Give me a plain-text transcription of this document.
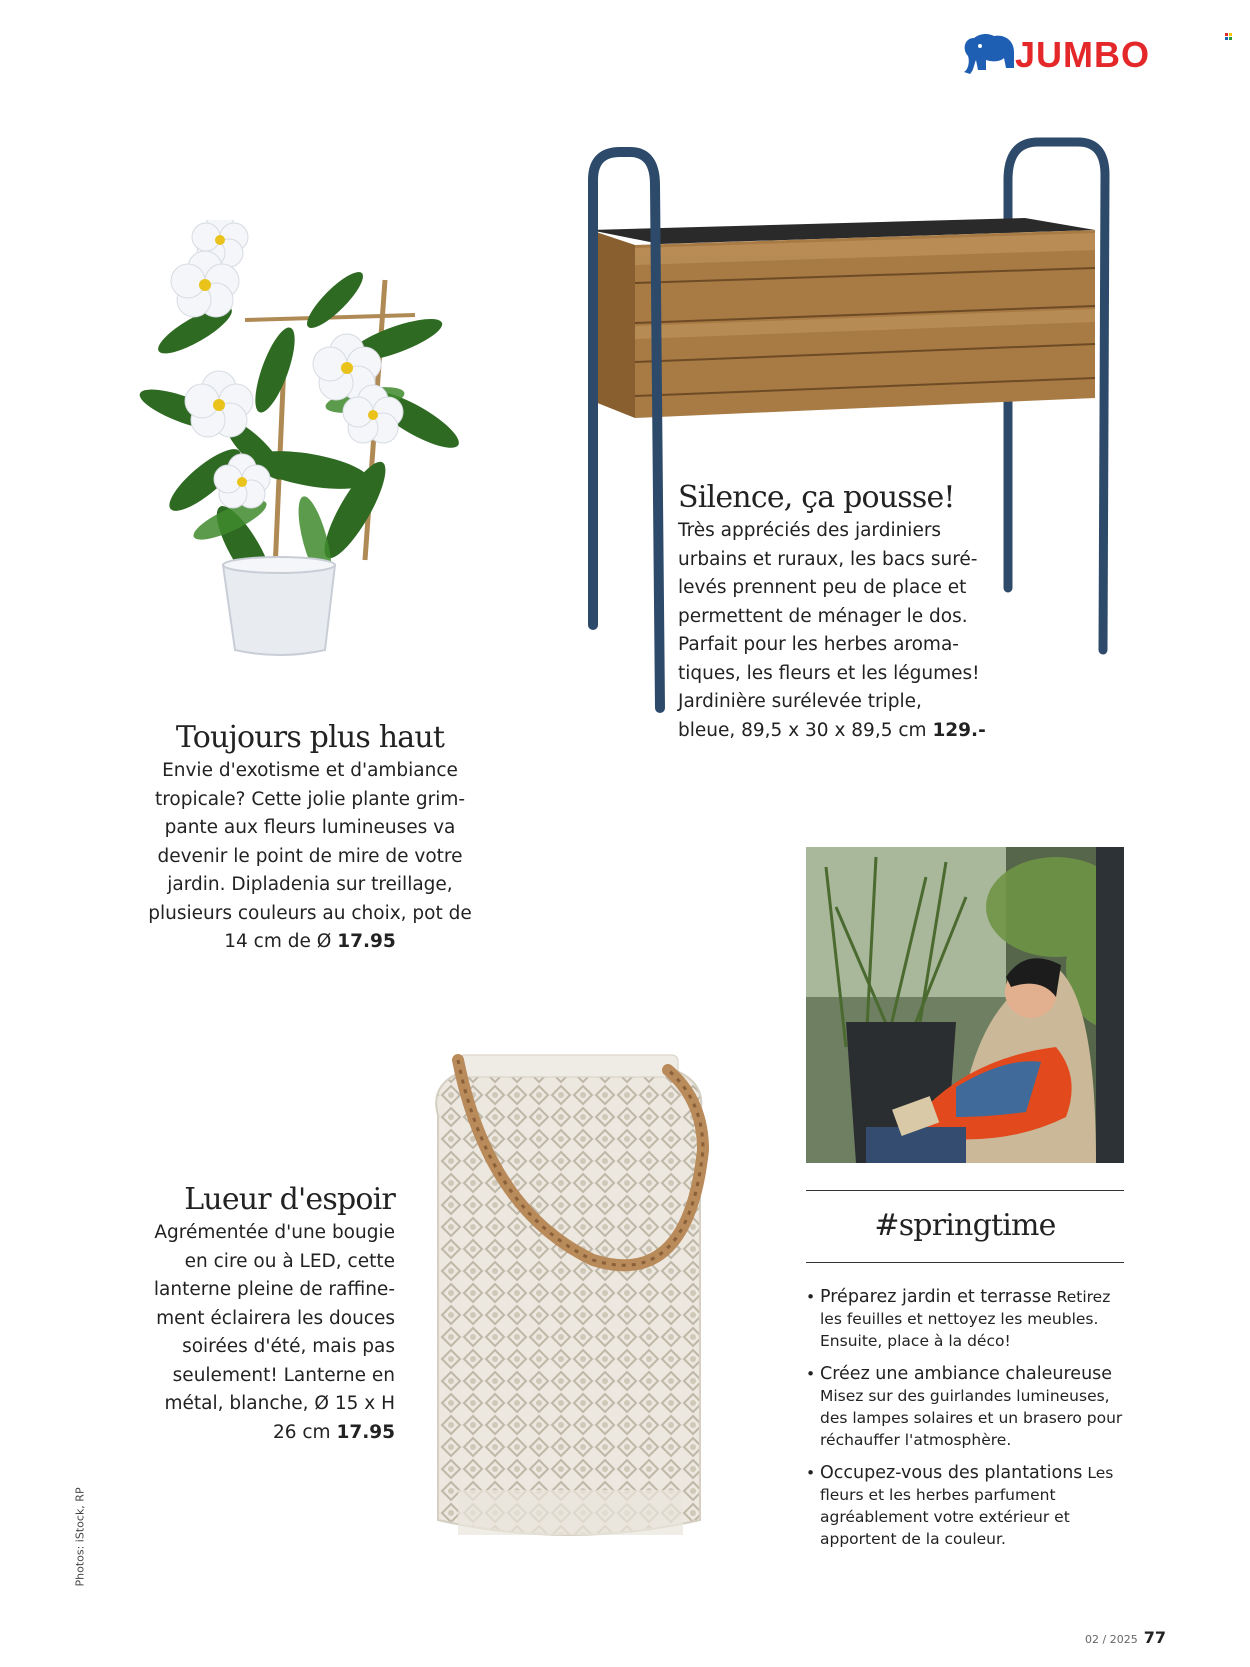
JUMBO
Toujours plus haut
Envie d'exotisme et d'ambiance
tropicale? Cette jolie plante grim-
pante aux fleurs lumineuses va
devenir le point de mire de votre
jardin. Dipladenia sur treillage,
plusieurs couleurs au choix, pot de
14 cm de Ø 17.95
Silence, ça pousse!
Très appréciés des jardiniers
urbains et ruraux, les bacs suré-
levés prennent peu de place et
permettent de ménager le dos.
Parfait pour les herbes aroma-
tiques, les fleurs et les légumes!
Jardinière surélevée triple,
bleue, 89,5 x 30 x 89,5 cm 129.-
Lueur d'espoir
Agrémentée d'une bougie
en cire ou à LED, cette
lanterne pleine de raffine-
ment éclairera les douces
soirées d'été, mais pas
seulement! Lanterne en
métal, blanche, Ø 15 x H
26 cm 17.95
#springtime
• Préparez jardin et terrasse Retirez les feuilles et nettoyez les meubles. Ensuite, place à la déco!
• Créez une ambiance chaleureuse
Misez sur des guirlandes lumineuses, des lampes solaires et un brasero pour réchauffer l'atmosphère.
• Occupez-vous des plantations Les fleurs et les herbes parfument agréablement votre extérieur et apportent de la couleur.
Photos: iStock, RP
02 / 2025 77
